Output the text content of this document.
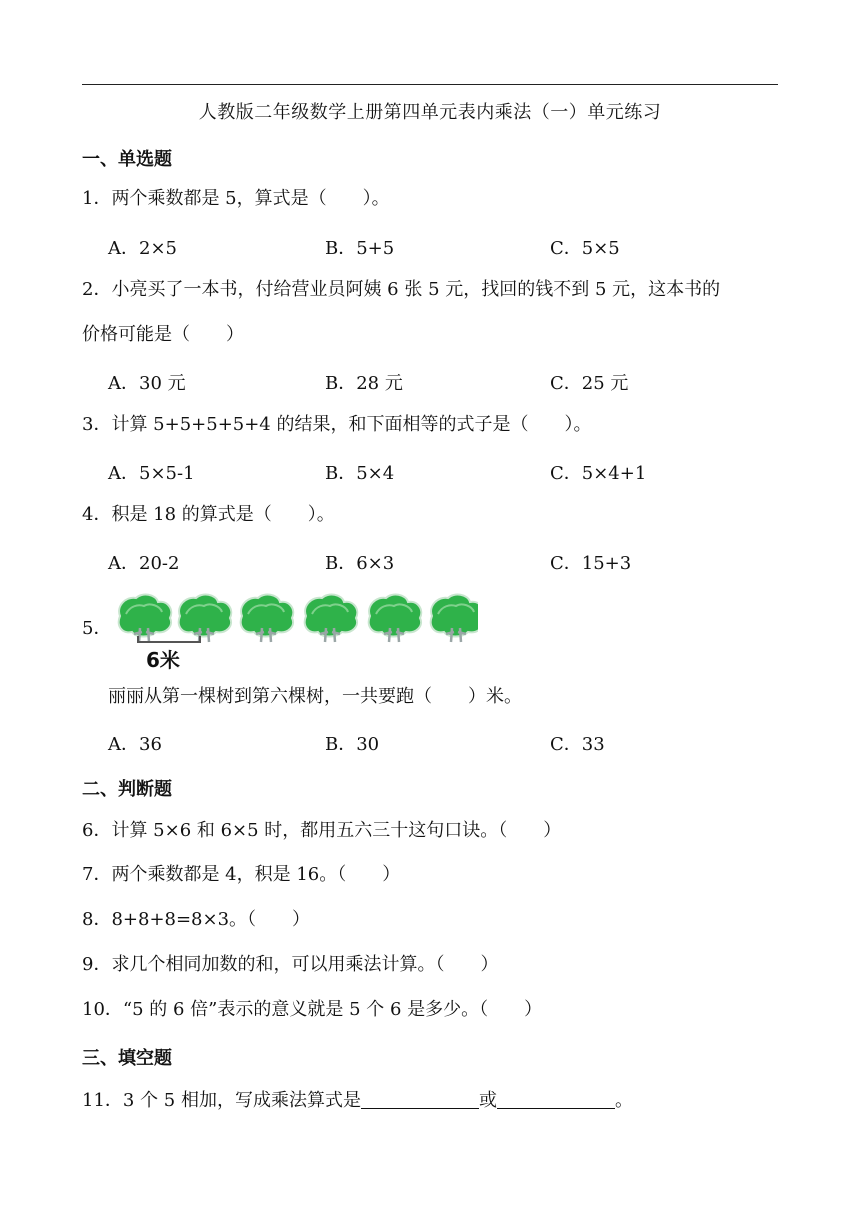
人教版二年级数学上册第四单元表内乘法（一）单元练习
一、单选题
1．两个乘数都是 5，算式是（　　）。
A．2×5	B．5+5	C．5×5
2．小亮买了一本书，付给营业员阿姨 6 张 5 元，找回的钱不到 5 元，这本书的
价格可能是（　　）
A．30 元	B．28 元	C．25 元
3．计算 5+5+5+5+4 的结果，和下面相等的式子是（　　）。
A．5×5-1	B．5×4	C．5×4+1
4．积是 18 的算式是（　　）。
A．20-2	B．6×3	C．15+3
5．
6米
丽丽从第一棵树到第六棵树，一共要跑（　　）米。
A．36	B．30	C．33
二、判断题
6．计算 5×6 和 6×5 时，都用五六三十这句口诀。（　　）
7．两个乘数都是 4，积是 16。（　　）
8．8+8+8=8×3。（　　）
9．求几个相同加数的和，可以用乘法计算。（　　）
10．“5 的 6 倍”表示的意义就是 5 个 6 是多少。（　　）
三、填空题
11．3 个 5 相加，写成乘法算式是	或	。
